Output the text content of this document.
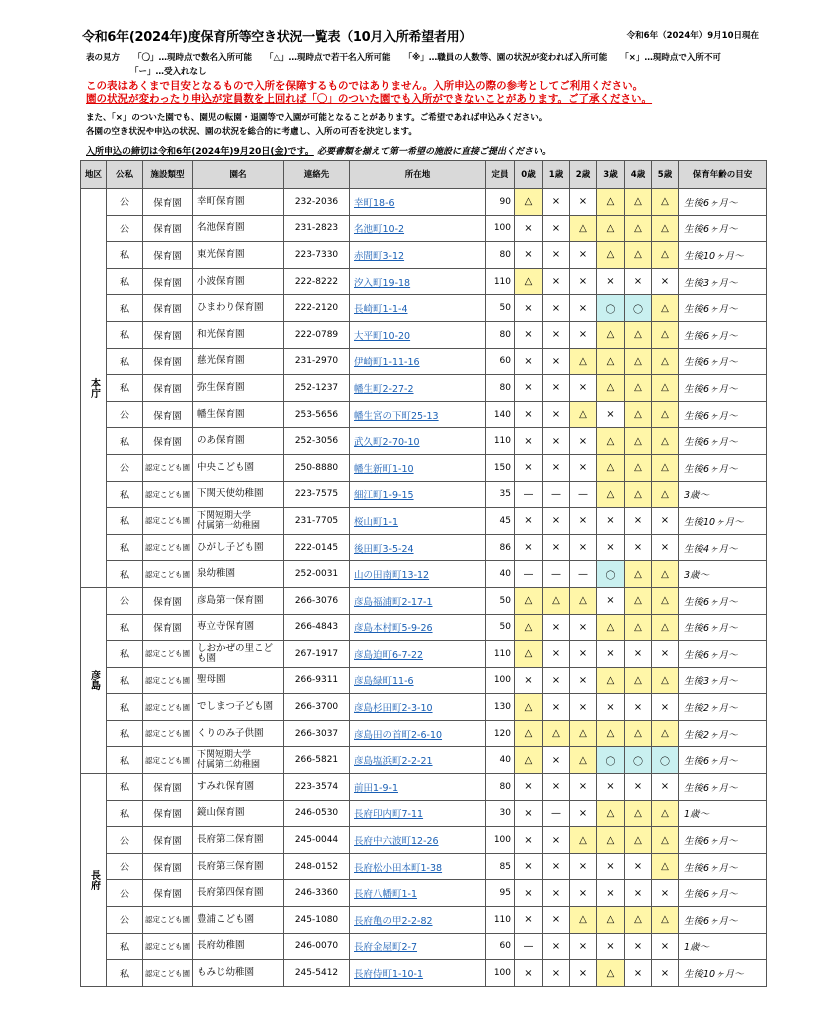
令和6年(2024年)度保育所等空き状況一覧表（10月入所希望者用）	令和6年（2024年）9月10日現在
表の見方 「〇」…現時点で数名入所可能 「△」…現時点で若干名入所可能 「※」…職員の人数等、園の状況が変われば入所可能 「×」…現時点で入所不可
「ー」…受入れなし
この表はあくまで目安となるもので入所を保障するものではありません。入所申込の際の参考としてご利用ください。
園の状況が変わったり申込が定員数を上回れば「〇」のついた園でも入所ができないことがあります。ご了承ください。
また、「×」のついた園でも、園児の転園・退園等で入園が可能となることがあります。ご希望であれば申込みください。
各園の空き状況や申込の状況、園の状況を総合的に考慮し、入所の可否を決定します。
入所申込の締切は令和6年(2024年)9月20日(金)です。 必要書類を揃えて第一希望の施設に直接ご提出ください。
地区	公私	施設類型	園名	連絡先	所在地	定員	0歳	1歳	2歳	3歳	4歳	5歳	保育年齢の目安
本庁	公	保育園	幸町保育園	232-2036	幸町18-6	90	△	×	×	△	△	△	生後6ヶ月～
	公	保育園	名池保育園	231-2823	名池町10-2	100	×	×	△	△	△	△	生後6ヶ月～
	私	保育園	東光保育園	223-7330	赤間町3-12	80	×	×	×	△	△	△	生後10ヶ月～
	私	保育園	小波保育園	222-8222	汐入町19-18	110	△	×	×	×	×	×	生後3ヶ月～
	私	保育園	ひまわり保育園	222-2120	長崎町1-1-4	50	×	×	×	〇	〇	△	生後6ヶ月～
	私	保育園	和光保育園	222-0789	大平町10-20	80	×	×	×	△	△	△	生後6ヶ月～
	私	保育園	慈光保育園	231-2970	伊崎町1-11-16	60	×	×	△	△	△	△	生後6ヶ月～
	私	保育園	弥生保育園	252-1237	幡生町2-27-2	80	×	×	×	△	△	△	生後6ヶ月～
	公	保育園	幡生保育園	253-5656	幡生宮の下町25-13	140	×	×	△	×	△	△	生後6ヶ月～
	私	保育園	のあ保育園	252-3056	武久町2-70-10	110	×	×	×	△	△	△	生後6ヶ月～
	公	認定こども園	中央こども園	250-8880	幡生新町1-10	150	×	×	×	△	△	△	生後6ヶ月～
	私	認定こども園	下関天使幼稚園	223-7575	細江町1-9-15	35	—	—	—	△	△	△	3歳～
	私	認定こども園	下関短期大学
付属第一幼稚園	231-7705	桜山町1-1	45	×	×	×	×	×	×	生後10ヶ月～
	私	認定こども園	ひがし子ども園	222-0145	後田町3-5-24	86	×	×	×	×	×	×	生後4ヶ月～
	私	認定こども園	泉幼稚園	252-0031	山の田南町13-12	40	—	—	—	〇	△	△	3歳～
彦島	公	保育園	彦島第一保育園	266-3076	彦島福浦町2-17-1	50	△	△	△	×	△	△	生後6ヶ月～
	私	保育園	専立寺保育園	266-4843	彦島本村町5-9-26	50	△	×	×	△	△	△	生後6ヶ月～
	私	認定こども園	しおかぜの里こども園	267-1917	彦島迫町6-7-22	110	△	×	×	×	×	×	生後6ヶ月～
	私	認定こども園	聖母園	266-9311	彦島緑町11-6	100	×	×	×	△	△	△	生後3ヶ月～
	私	認定こども園	でしまつ子ども園	266-3700	彦島杉田町2-3-10	130	△	×	×	×	×	×	生後2ヶ月～
	私	認定こども園	くりのみ子供園	266-3037	彦島田の首町2-6-10	120	△	△	△	△	△	△	生後2ヶ月～
	私	認定こども園	下関短期大学
付属第二幼稚園	266-5821	彦島塩浜町2-2-21	40	△	×	△	〇	〇	〇	生後6ヶ月～
長府	私	保育園	すみれ保育園	223-3574	前田1-9-1	80	×	×	×	×	×	×	生後6ヶ月～
	私	保育園	鏡山保育園	246-0530	長府印内町7-11	30	×	—	×	△	△	△	1歳～
	公	保育園	長府第二保育園	245-0044	長府中六波町12-26	100	×	×	△	△	△	△	生後6ヶ月～
	公	保育園	長府第三保育園	248-0152	長府松小田本町1-38	85	×	×	×	×	×	△	生後6ヶ月～
	公	保育園	長府第四保育園	246-3360	長府八幡町1-1	95	×	×	×	×	×	×	生後6ヶ月～
	公	認定こども園	豊浦こども園	245-1080	長府亀の甲2-2-82	110	×	×	△	△	△	△	生後6ヶ月～
	私	認定こども園	長府幼稚園	246-0070	長府金屋町2-7	60	—	×	×	×	×	×	1歳～
	私	認定こども園	もみじ幼稚園	245-5412	長府侍町1-10-1	100	×	×	×	△	×	×	生後10ヶ月～
